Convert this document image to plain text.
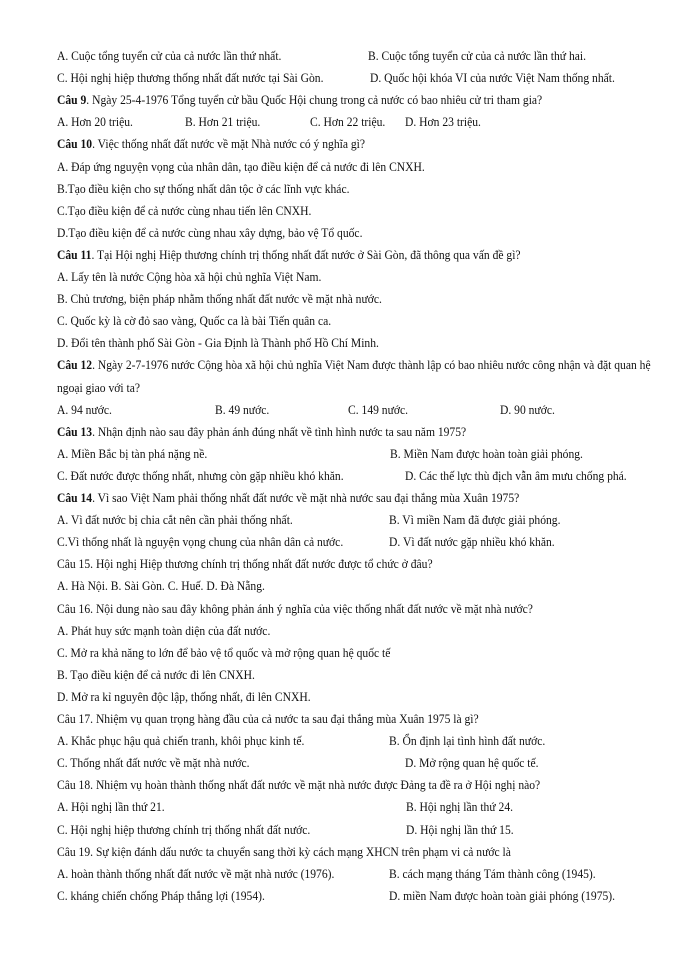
A. Cuộc tổng tuyển cử của cả nước lần thứ nhất.	B. Cuộc tổng tuyển cử của cả nước lần thứ hai.
C. Hội nghị hiệp thương thống nhất đất nước tại Sài Gòn.	D. Quốc hội khóa VI của nước Việt Nam thống nhất.
Câu 9. Ngày 25-4-1976 Tổng tuyển cử bầu Quốc Hội chung trong cả nước có bao nhiêu cử tri tham gia?
A. Hơn 20 triệu.	B. Hơn 21 triệu.	C. Hơn 22 triệu. D. Hơn 23 triệu.
Câu 10. Việc thống nhất đất nước về mặt Nhà nước có ý nghĩa gì?
A. Đáp ứng nguyện vọng của nhân dân, tạo điều kiện để cả nước đi lên CNXH.
B.Tạo điều kiện cho sự thống nhất dân tộc ở các lĩnh vực khác.
C.Tạo điều kiện để cả nước cùng nhau tiến lên CNXH.
D.Tạo điều kiện để cả nước cùng nhau xây dựng, bảo vệ Tổ quốc.
Câu 11. Tại Hội nghị Hiệp thương chính trị thống nhất đất nước ở Sài Gòn, đã thông qua vấn đề gì?
A. Lấy tên là nước Cộng hòa xã hội chủ nghĩa Việt Nam.
B. Chủ trương, biện pháp nhằm thống nhất đất nước về mặt nhà nước.
C. Quốc kỳ là cờ đỏ sao vàng, Quốc ca là bài Tiến quân ca.
D. Đổi tên thành phố Sài Gòn - Gia Định là Thành phố Hồ Chí Minh.
Câu 12. Ngày 2-7-1976 nước Cộng hòa xã hội chủ nghĩa Việt Nam được thành lập có bao nhiêu nước công nhận và đặt quan hệ
ngoại giao với ta?
A. 94 nước.	B. 49 nước.	C. 149 nước.	D. 90 nước.
Câu 13. Nhận định nào sau đây phản ánh đúng nhất về tình hình nước ta sau năm 1975?
A. Miền Bắc bị tàn phá nặng nề.	B. Miền Nam được hoàn toàn giải phóng.
C. Đất nước được thống nhất, nhưng còn gặp nhiều khó khăn.	D. Các thế lực thù địch vẫn âm mưu chống phá.
Câu 14. Vì sao Việt Nam phải thống nhất đất nước về mặt nhà nước sau đại thắng mùa Xuân 1975?
A. Vì đất nước bị chia cắt nên cần phải thống nhất.	B. Vì miền Nam đã được giải phóng.
C.Vì thống nhất là nguyện vọng chung của nhân dân cả nước.	D. Vì đất nước gặp nhiều khó khăn.
Câu 15. Hội nghị Hiệp thương chính trị thống nhất đất nước được tổ chức ở đâu?
A. Hà Nội. B. Sài Gòn. C. Huế. D. Đà Nẵng.
Câu 16. Nội dung nào sau đây không phản ánh ý nghĩa của việc thống nhất đất nước về mặt nhà nước?
A. Phát huy sức mạnh toàn diện của đất nước.
C. Mở ra khả năng to lớn để bảo vệ tổ quốc và mở rộng quan hệ quốc tế
B. Tạo điều kiện để cả nước đi lên CNXH.
D. Mở ra kỉ nguyên độc lập, thống nhất, đi lên CNXH.
Câu 17. Nhiệm vụ quan trọng hàng đầu của cả nước ta sau đại thắng mùa Xuân 1975 là gì?
A. Khắc phục hậu quả chiến tranh, khôi phục kinh tế.	B. Ổn định lại tình hình đất nước.
C. Thống nhất đất nước về mặt nhà nước.	D. Mở rộng quan hệ quốc tế.
Câu 18. Nhiệm vụ hoàn thành thống nhất đất nước về mặt nhà nước được Đảng ta đề ra ở Hội nghị nào?
A. Hội nghị lần thứ 21.	B. Hội nghị lần thứ 24.
C. Hội nghị hiệp thương chính trị thống nhất đất nước.	D. Hội nghị lần thứ 15.
Câu 19. Sự kiện đánh dấu nước ta chuyển sang thời kỳ cách mạng XHCN trên phạm vi cả nước là
A. hoàn thành thống nhất đất nước về mặt nhà nước (1976).	B. cách mạng tháng Tám thành công (1945).
C. kháng chiến chống Pháp thắng lợi (1954).	D. miền Nam được hoàn toàn giải phóng (1975).
